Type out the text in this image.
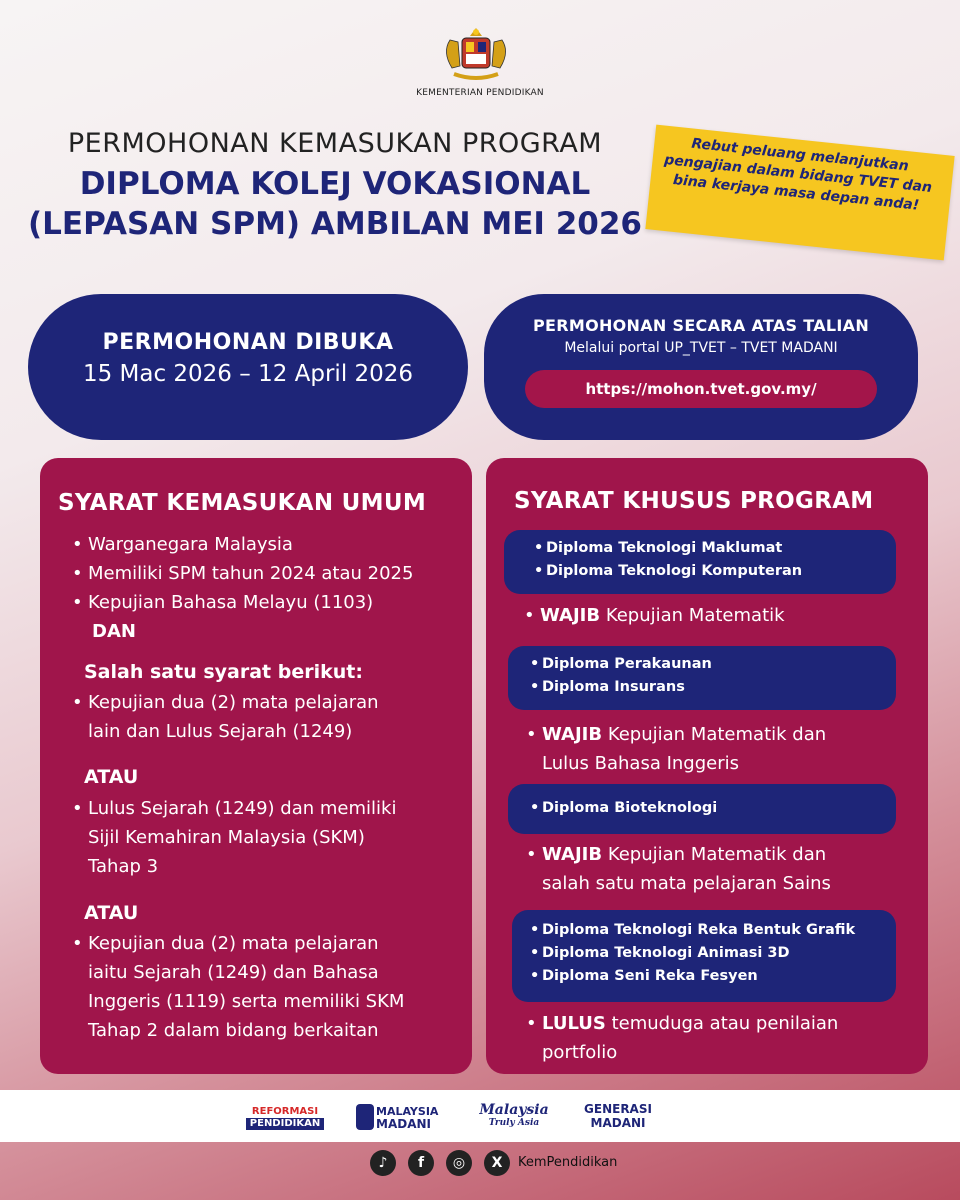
KEMENTERIAN PENDIDIKAN
PERMOHONAN KEMASUKAN PROGRAM
DIPLOMA KOLEJ VOKASIONAL
(LEPASAN SPM) AMBILAN MEI 2026
Rebut peluang melanjutkan pengajian dalam bidang TVET dan bina kerjaya masa depan anda!
PERMOHONAN DIBUKA
15 Mac 2026 – 12 April 2026
PERMOHONAN SECARA ATAS TALIAN
Melalui portal UP_TVET – TVET MADANI
https://mohon.tvet.gov.my/
SYARAT KEMASUKAN UMUM
• Warganegara Malaysia
• Memiliki SPM tahun 2024 atau 2025
• Kepujian Bahasa Melayu (1103)
DAN
Salah satu syarat berikut:
• Kepujian dua (2) mata pelajaran
lain dan Lulus Sejarah (1249)
ATAU
• Lulus Sejarah (1249) dan memiliki
Sijil Kemahiran Malaysia (SKM)
Tahap 3
ATAU
• Kepujian dua (2) mata pelajaran
iaitu Sejarah (1249) dan Bahasa
Inggeris (1119) serta memiliki SKM
Tahap 2 dalam bidang berkaitan
SYARAT KHUSUS PROGRAM
• Diploma Teknologi Maklumat
• Diploma Teknologi Komputeran
• WAJIB Kepujian Matematik
• Diploma Perakaunan
• Diploma Insurans
• WAJIB Kepujian Matematik dan
Lulus Bahasa Inggeris
• Diploma Bioteknologi
• WAJIB Kepujian Matematik dan
salah satu mata pelajaran Sains
• Diploma Teknologi Reka Bentuk Grafik
• Diploma Teknologi Animasi 3D
• Diploma Seni Reka Fesyen
• LULUS temuduga atau penilaian
portfolio
REFORMASI
PENDIDIKAN
MALAYSIA
MADANI
Malaysia
Truly Asia
GENERASI
MADANI
♪	f	◎	X	KemPendidikan
